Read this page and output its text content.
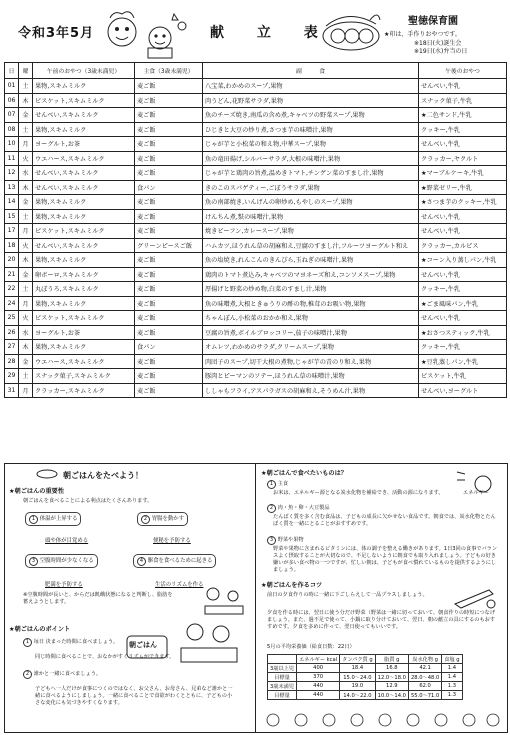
令和3年5月	献 立 表
聖徳保育園
★印は、手作りおやつです。
※18日(火)誕生会
※19日(水)弁当の日
日	曜	午前のおやつ（3歳未満児）	主食（3歳未満児）	副　　　食	午後のおやつ
01	土	果物,スキムミルク	麦ご飯	八宝菜,わかめのスープ,果物	せんべい,牛乳
06	木	ビスケット,スキムミルク	麦ご飯	肉うどん,花野菜サラダ,果物	スナック菓子,牛乳
07	金	せんべい,スキムミルク	麦ご飯	魚のチーズ焼き,南瓜の含め煮,キャベツの野菜スープ,果物	★二色サンド,牛乳
08	土	果物,スキムミルク	麦ご飯	ひじきと大豆の炒り煮,さつま芋の味噌汁,果物	クッキー,牛乳
10	月	ヨーグルト,お茶	麦ご飯	じゃが芋と小松菜の和え物,中華スープ,果物	せんべい,牛乳
11	火	ウエハース,スキムミルク	麦ご飯	魚の竜田揚げ,シルバーサラダ,大根の味噌汁,果物	クラッカー,ヤクルト
12	水	せんべい,スキムミルク	麦ご飯	じゃが芋と鶏肉の旨煮,温めきトマト,チンゲン菜のすまし汁,果物	★マーブルケーキ,牛乳
13	木	せんべい,スキムミルク	食パン	きのこのスパゲティー,ごぼうサラダ,果物	★野菜ゼリー,牛乳
14	金	果物,スキムミルク	麦ご飯	魚の南部焼き,いんげんの卵炒め,もやしのスープ,果物	★さつま芋のクッキー,牛乳
15	土	果物,スキムミルク	麦ご飯	けんちん煮,麩の味噌汁,果物	せんべい,牛乳
17	月	ビスケット,スキムミルク	麦ご飯	焼きビーフン,カレースープ,果物	せんべい,牛乳
18	火	せんべい,スキムミルク	グリーンピースご飯	ハムカツ,ほうれん草の胡麻和え,豆腐のすまし汁,フルーツヨーグルト和え	クラッカー,カルピス
20	木	果物,スキムミルク	麦ご飯	魚の塩焼き,れんこんのきんぴら,玉ねぎの味噌汁,果物	★コーン入り蒸しパン,牛乳
21	金	卵ボーロ,スキムミルク	麦ご飯	鶏肉のトマト煮込み,キャベツのマヨネーズ和え,コンソメスープ,果物	せんべい,牛乳
22	土	丸ぼうろ,スキムミルク	麦ご飯	厚揚げと野菜の炒め物,白菜のすまし汁,果物	クッキー,牛乳
24	月	果物,スキムミルク	麦ご飯	魚の味噌煮,大根ときゅうりの酢の物,椎茸のお吸い物,果物	★ごま風味パン,牛乳
25	火	ビスケット,スキムミルク	麦ご飯	ちゃんぽん,小松菜のおかか和え,果物	せんべい,牛乳
26	水	ヨーグルト,お茶	麦ご飯	豆腐の旨煮,ボイルブロッコリー,茄子の味噌汁,果物	★おさつスティック,牛乳
27	木	果物,スキムミルク	食パン	オムレツ,わかめのサラダ,クリームスープ,果物	クッキー,牛乳
28	金	ウエハース,スキムミルク	麦ご飯	肉団子のスープ,切干大根の煮物,じゃが芋の青のり和え,果物	★豆乳蒸しパン,牛乳
29	土	スナック菓子,スキムミルク	麦ご飯	豚肉とピーマンのソテー,ほうれん草の味噌汁,果物	ビスケット,牛乳
31	月	クラッカー,スキムミルク	麦ご飯	ししゃもフライ,アスパラガスの胡麻和え,そうめん汁,果物	せんべい,ヨーグルト
朝ごはんをたべよう！
★朝ごはんの重要性
朝ごはんを食べることによる利点はたくさんあります。
1 体温が上昇する
頭や体が目覚める
2 胃腸を動かす
便秘を予防する
3 空腹時間が少なくなる
肥満を予防する
4 駆食を食べるために起きる
生活のリズムを作る
※空腹時間が長いと、からだは飢餓状態になると判断し、脂肪を蓄えようとします。
★朝ごはんのポイント
朝ごはん
1 毎日 決まった時間に食べましょう。
同じ時間に食べることで、おなかがすくリズムができます。
2 誰かと一緒に食べましょう。
子どもへ一人だけが食事につくのではなく、お父さん、お母さん、兄弟など誰かと一緒に食べるようにしましょう。一緒に食べることで食欲がわくとともに、子どもの小さな変化にも気づきやすくなります。
★朝ごはんで食べたいものは？
エネルギー
1 主食
お米は、エネルギー源となる炭水化物を補給でき、活動の源になります。
2 肉・魚・卵・大豆製品
たんぱく質を多く含む食品は、子どもの成長に欠かせない食品です。朝食では、炭水化物とたんぱく質を一緒にとることがおすすめです。
3 野菜や果物
野菜や果物に含まれるビタミンには、体の調子を整える働きがあります。1日3回の食事でバランスよく摂取することが大切なので、不足しないように朝食でも取り入れましょう。子どもの好き嫌いが多い食べ物の一つですが、忙しい朝は、子どもが食べ慣れているものを提供するようにしましょう。
★朝ごはんを作るコツ
前日の夕食作りの時に一緒に下ごしらえして一品プラスしましょう。
夕食を作る時には、翌日に使う分だけ野菜（野菜は一緒に切っておいて、朝食作りの時短につなげましょう。また、過不足で使って、小鍋に取り分けておいて、翌日、朝の献立の具にするのもおすすめです。夕食を多めに作って、翌日使ってもいいです。
5月の平均栄養価（給食日数：22日）
	エネルギー kcal	タンパク質 g	脂質 g	炭水化物 g	食塩 g
3歳以上児	400	18.4	16.8	42.1	1.4
目標量	370	15.0〜24.0	12.0〜18.0	28.0〜48.0	1.4
3歳未満児	440	19.0	12.9	62.0	1.3
目標量	440	14.0〜22.0	10.0〜14.0	55.0〜71.0	1.3
